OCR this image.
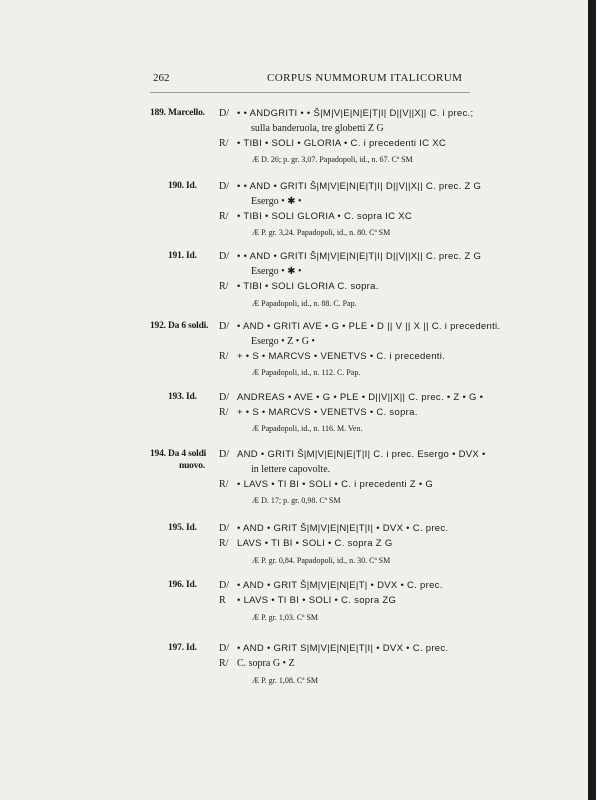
262	CORPUS NUMMORUM ITALICORUM
189. Marcello. D/ • • ANDGRITI • • Š|M|V|E|N|E|T|I| D||V||X|| C. i prec.;
sulla banderuola, tre globetti Z G
R/ • TIBI • SOLI • GLORIA • C. i precedenti IC XC
Æ D. 26; p. gr. 3,07. Papadopoli, id., n. 67. Cª SM
190. Id. D/ • • AND • GRITI Š|M|V|E|N|E|T|I| D||V||X|| C. prec. Z G
Esergo • ✱ •
R/ • TIBI • SOLI GLORIA • C. sopra IC XC
Æ P. gr. 3,24. Papadopoli, id., n. 80. Cª SM
191. Id. D/ • • AND • GRITI Š|M|V|E|N|E|T|I| D||V||X|| C. prec. Z G
Esergo • ✱ •
R/ • TIBI • SOLI GLORIA C. sopra.
Æ Papadopoli, id., n. 88. C. Pap.
192. Da 6 soldi. D/ • AND • GRITI AVE • G • PLE • D || V || X || C. i precedenti.
Esergo • Z • G •
R/ + • S • MARCVS • VENETVS • C. i precedenti.
Æ Papadopoli, id., n. 112. C. Pap.
193. Id. D/ ANDREAS • AVE • G • PLE • D||V||X|| C. prec. • Z • G •
R/ + • S • MARCVS • VENETVS • C. sopra.
Æ Papadopoli, id., n. 116. M. Ven.
194. Da 4 soldi
nuovo.
D/ AND • GRITI Š|M|V|E|N|E|T|I| C. i prec. Esergo • DVX •
in lettere capovolte.
R/ • LAVS • TI BI • SOLI • C. i precedenti Z • G
Æ D. 17; p. gr. 0,98. Cª SM
195. Id. D/ • AND • GRIT Š|M|V|E|N|E|T|I| • DVX • C. prec.
R/ LAVS • TI BI • SOLI • C. sopra Z G
Æ P. gr. 0,84. Papadopoli, id., n. 30. Cª SM
196. Id. D/ • AND • GRIT Š|M|V|E|N|E|T| • DVX • C. prec.
R • LAVS • TI BI • SOLI • C. sopra ZG
Æ P. gr. 1,03. Cª SM
197. Id. D/ • AND • GRIT S|M|V|E|N|E|T|I| • DVX • C. prec.
R/ C. sopra G • Z
Æ P. gr. 1,08. Cª SM
